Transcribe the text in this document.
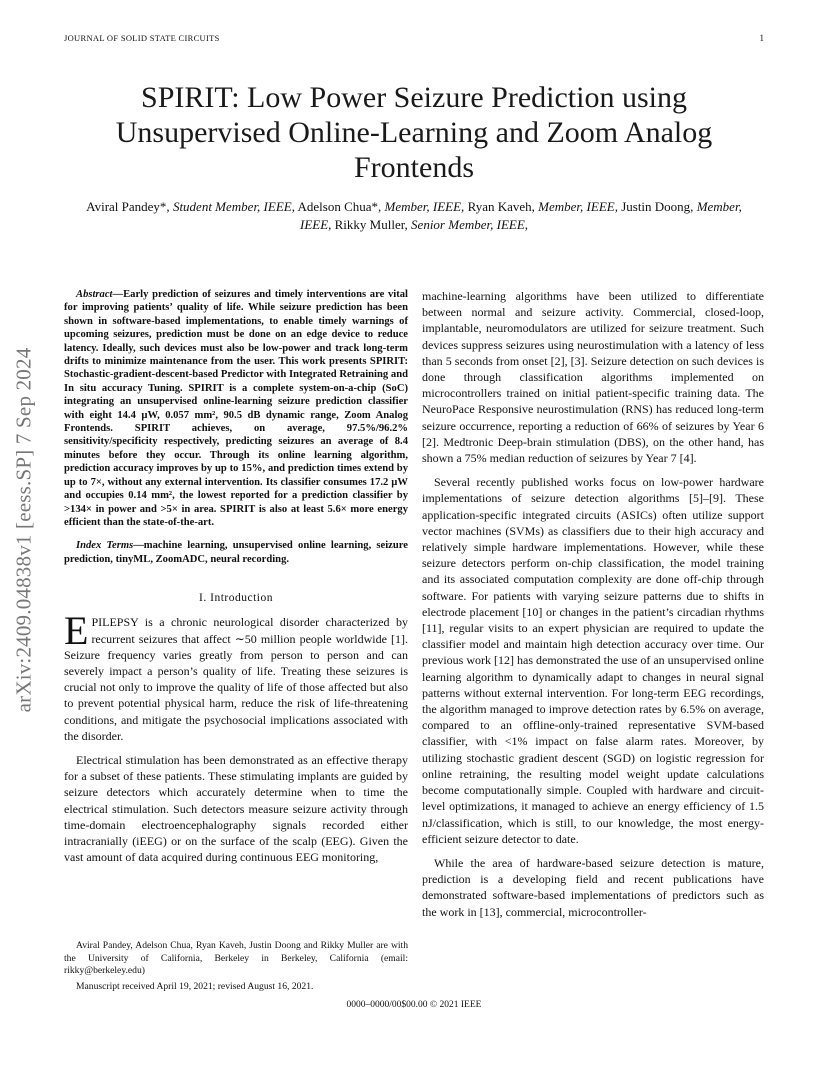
JOURNAL OF SOLID STATE CIRCUITS	1
SPIRIT: Low Power Seizure Prediction using Unsupervised Online-Learning and Zoom Analog Frontends
Aviral Pandey*, Student Member, IEEE, Adelson Chua*, Member, IEEE, Ryan Kaveh, Member, IEEE, Justin Doong, Member, IEEE, Rikky Muller, Senior Member, IEEE,
arXiv:2409.04838v1 [eess.SP] 7 Sep 2024

Abstract—Early prediction of seizures and timely interventions are vital for improving patients’ quality of life. While seizure prediction has been shown in software-based implementations, to enable timely warnings of upcoming seizures, prediction must be done on an edge device to reduce latency. Ideally, such devices must also be low-power and track long-term drifts to minimize maintenance from the user. This work presents SPIRIT: Stochastic-gradient-descent-based Predictor with Integrated Retraining and In situ accuracy Tuning. SPIRIT is a complete system-on-a-chip (SoC) integrating an unsupervised online-learning seizure prediction classifier with eight 14.4 µW, 0.057 mm², 90.5 dB dynamic range, Zoom Analog Frontends. SPIRIT achieves, on average, 97.5%/96.2% sensitivity/specificity respectively, predicting seizures an average of 8.4 minutes before they occur. Through its online learning algorithm, prediction accuracy improves by up to 15%, and prediction times extend by up to 7×, without any external intervention. Its classifier consumes 17.2 µW and occupies 0.14 mm², the lowest reported for a prediction classifier by >134× in power and >5× in area. SPIRIT is also at least 5.6× more energy efficient than the state-of-the-art.

Index Terms—machine learning, unsupervised online learning, seizure prediction, tinyML, ZoomADC, neural recording.

I. Introduction

EPILEPSY is a chronic neurological disorder characterized by recurrent seizures that affect ∼50 million people worldwide [1]. Seizure frequency varies greatly from person to person and can severely impact a person’s quality of life. Treating these seizures is crucial not only to improve the quality of life of those affected but also to prevent potential physical harm, reduce the risk of life-threatening conditions, and mitigate the psychosocial implications associated with the disorder.

Electrical stimulation has been demonstrated as an effective therapy for a subset of these patients. These stimulating implants are guided by seizure detectors which accurately determine when to time the electrical stimulation. Such detectors measure seizure activity through time-domain electroencephalography signals recorded either intracranially (iEEG) or on the surface of the scalp (EEG). Given the vast amount of data acquired during continuous EEG monitoring,

machine-learning algorithms have been utilized to differentiate between normal and seizure activity. Commercial, closed-loop, implantable, neuromodulators are utilized for seizure treatment. Such devices suppress seizures using neurostimulation with a latency of less than 5 seconds from onset [2], [3]. Seizure detection on such devices is done through classification algorithms implemented on microcontrollers trained on initial patient-specific training data. The NeuroPace Responsive neurostimulation (RNS) has reduced long-term seizure occurrence, reporting a reduction of 66% of seizures by Year 6 [2]. Medtronic Deep-brain stimulation (DBS), on the other hand, has shown a 75% median reduction of seizures by Year 7 [4].

Several recently published works focus on low-power hardware implementations of seizure detection algorithms [5]–[9]. These application-specific integrated circuits (ASICs) often utilize support vector machines (SVMs) as classifiers due to their high accuracy and relatively simple hardware implementations. However, while these seizure detectors perform on-chip classification, the model training and its associated computation complexity are done off-chip through software. For patients with varying seizure patterns due to shifts in electrode placement [10] or changes in the patient’s circadian rhythms [11], regular visits to an expert physician are required to update the classifier model and maintain high detection accuracy over time. Our previous work [12] has demonstrated the use of an unsupervised online learning algorithm to dynamically adapt to changes in neural signal patterns without external intervention. For long-term EEG recordings, the algorithm managed to improve detection rates by 6.5% on average, compared to an offline-only-trained representative SVM-based classifier, with <1% impact on false alarm rates. Moreover, by utilizing stochastic gradient descent (SGD) on logistic regression for online retraining, the resulting model weight update calculations become computationally simple. Coupled with hardware and circuit-level optimizations, it managed to achieve an energy efficiency of 1.5 nJ/classification, which is still, to our knowledge, the most energy-efficient seizure detector to date.

While the area of hardware-based seizure detection is mature, prediction is a developing field and recent publications have demonstrated software-based implementations of predictors such as the work in [13], commercial, microcontroller-

Aviral Pandey, Adelson Chua, Ryan Kaveh, Justin Doong and Rikky Muller are with the University of California, Berkeley in Berkeley, California (email: rikky@berkeley.edu)

Manuscript received April 19, 2021; revised August 16, 2021.

0000–0000/00$00.00 © 2021 IEEE
